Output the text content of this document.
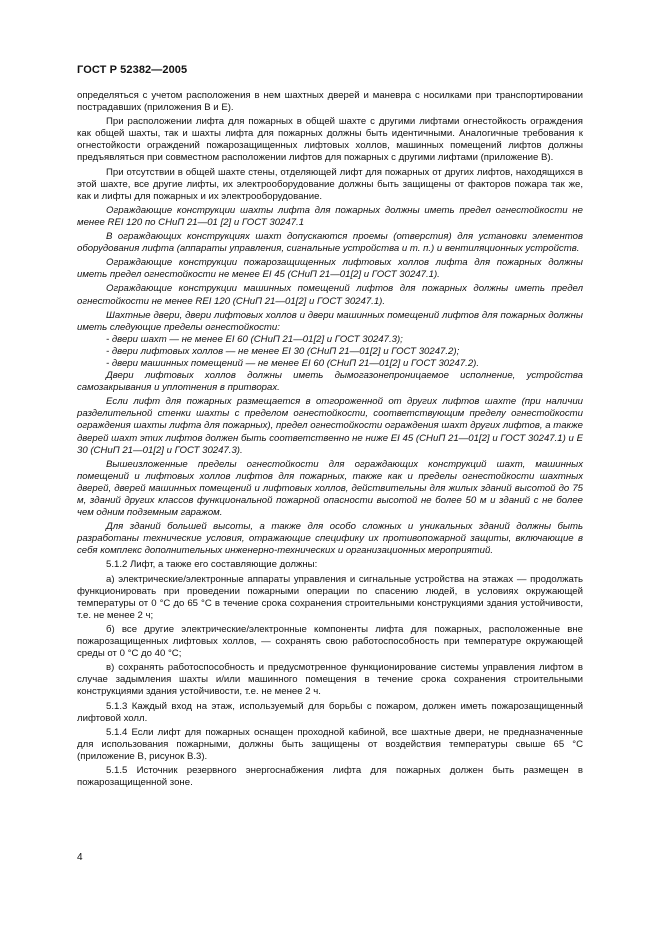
ГОСТ Р 52382—2005

определяться с учетом расположения в нем шахтных дверей и маневра с носилками при транспортировании пострадавших (приложения В и Е).

При расположении лифта для пожарных в общей шахте с другими лифтами огнестойкость ограждения как общей шахты, так и шахты лифта для пожарных должны быть идентичными. Аналогичные требования к огнестойкости ограждений пожарозащищенных лифтовых холлов, машинных помещений лифтов должны предъявляться при совместном расположении лифтов для пожарных с другими лифтами (приложение В).

При отсутствии в общей шахте стены, отделяющей лифт для пожарных от других лифтов, находящихся в этой шахте, все другие лифты, их электрооборудование должны быть защищены от факторов пожара так же, как и лифты для пожарных и их электрооборудование.

Ограждающие конструкции шахты лифта для пожарных должны иметь предел огнестойкости не менее REI 120 по СНиП 21—01 [2] и ГОСТ 30247.1

В ограждающих конструкциях шахт допускаются проемы (отверстия) для установки элементов оборудования лифта (аппараты управления, сигнальные устройства и т. п.) и вентиляционных устройств.

Ограждающие конструкции пожарозащищенных лифтовых холлов лифта для пожарных должны иметь предел огнестойкости не менее EI 45 (СНиП 21—01[2] и ГОСТ 30247.1).

Ограждающие конструкции машинных помещений лифтов для пожарных должны иметь предел огнестойкости не менее REI 120 (СНиП 21—01[2] и ГОСТ 30247.1).

Шахтные двери, двери лифтовых холлов и двери машинных помещений лифтов для пожарных должны иметь следующие пределы огнестойкости:

- двери шахт — не менее EI 60 (СНиП 21—01[2] и ГОСТ 30247.3);

- двери лифтовых холлов — не менее EI 30 (СНиП 21—01[2] и ГОСТ 30247.2);

- двери машинных помещений — не менее EI 60 (СНиП 21—01[2] и ГОСТ 30247.2).

Двери лифтовых холлов должны иметь дымогазонепроницаемое исполнение, устройства самозакрывания и уплотнения в притворах.

Если лифт для пожарных размещается в отгороженной от других лифтов шахте (при наличии разделительной стенки шахты с пределом огнестойкости, соответствующим пределу огнестойкости ограждения шахты лифта для пожарных), предел огнестойкости ограждения шахт других лифтов, а также дверей шахт этих лифтов должен быть соответственно не ниже EI 45 (СНиП 21—01[2] и ГОСТ 30247.1) и E 30 (СНиП 21—01[2] и ГОСТ 30247.3).

Вышеизложенные пределы огнестойкости для ограждающих конструкций шахт, машинных помещений и лифтовых холлов лифтов для пожарных, также как и пределы огнестойкости шахтных дверей, дверей машинных помещений и лифтовых холлов, действительны для жилых зданий высотой до 75 м, зданий других классов функциональной пожарной опасности высотой не более 50 м и зданий с не более чем одним подземным гаражом.

Для зданий большей высоты, а также для особо сложных и уникальных зданий должны быть разработаны технические условия, отражающие специфику их противопожарной защиты, включающие в себя комплекс дополнительных инженерно-технических и организационных мероприятий.

5.1.2 Лифт, а также его составляющие должны:

а) электрические/электронные аппараты управления и сигнальные устройства на этажах — продолжать функционировать при проведении пожарными операции по спасению людей, в условиях окружающей температуры от 0 °С до 65 °С в течение срока сохранения строительными конструкциями здания устойчивости, т.е. не менее 2 ч;

б) все другие электрические/электронные компоненты лифта для пожарных, расположенные вне пожарозащищенных лифтовых холлов, — сохранять свою работоспособность при температуре окружающей среды от 0 °С до 40 °С;

в) сохранять работоспособность и предусмотренное функционирование системы управления лифтом в случае задымления шахты и/или машинного помещения в течение срока сохранения строительными конструкциями здания устойчивости, т.е. не менее 2 ч.

5.1.3 Каждый вход на этаж, используемый для борьбы с пожаром, должен иметь пожарозащищенный лифтовой холл.

5.1.4 Если лифт для пожарных оснащен проходной кабиной, все шахтные двери, не предназначенные для использования пожарными, должны быть защищены от воздействия температуры свыше 65 °С (приложение В, рисунок В.3).

5.1.5 Источник резервного энергоснабжения лифта для пожарных должен быть размещен в пожарозащищенной зоне.

4
